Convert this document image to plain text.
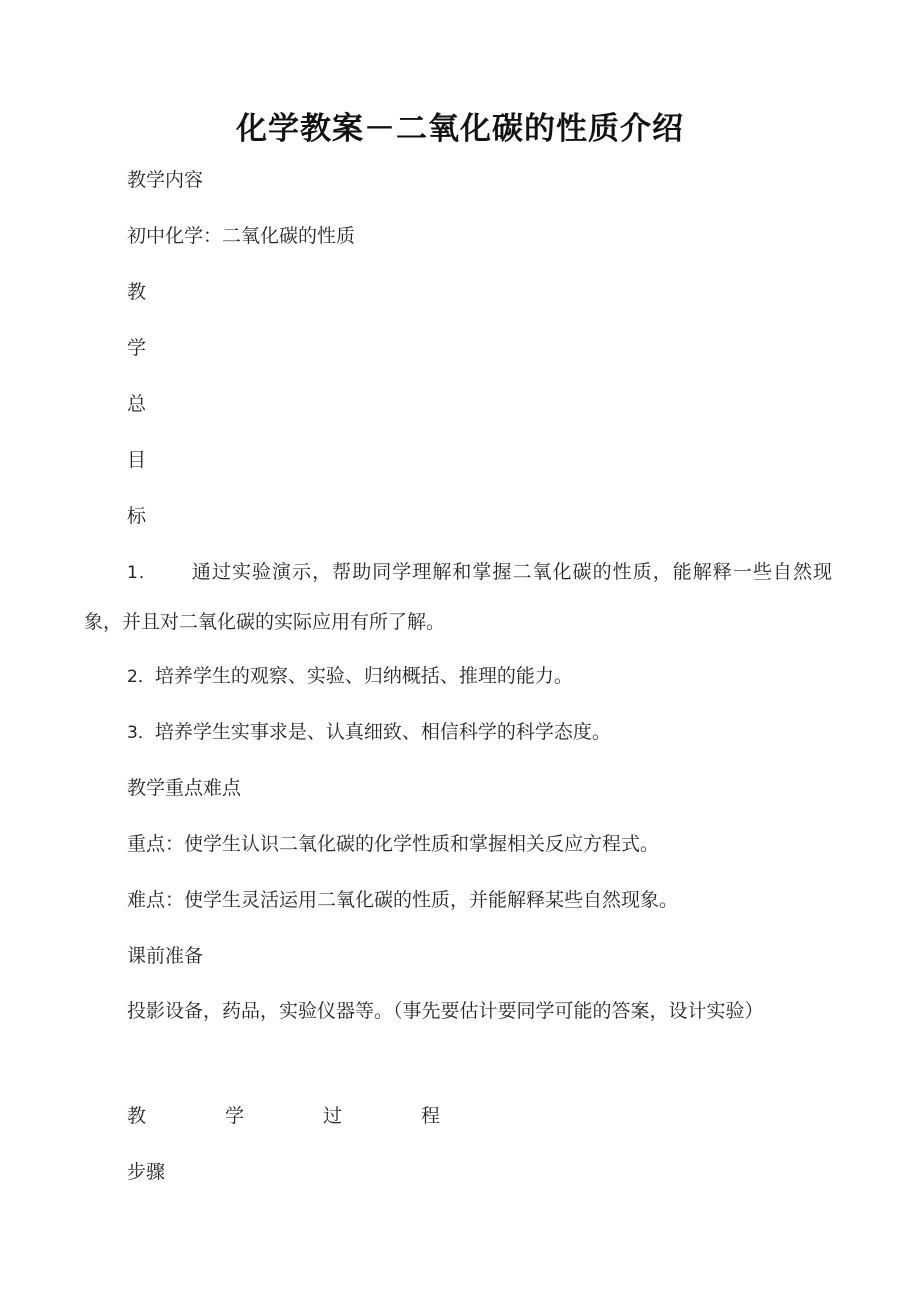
化学教案－二氧化碳的性质介绍
教学内容
初中化学：二氧化碳的性质
教
学
总
目
标
1． 通过实验演示，帮助同学理解和掌握二氧化碳的性质，能解释一些自然现象，并且对二氧化碳的实际应用有所了解。
2．培养学生的观察、实验、归纳概括、推理的能力。
3．培养学生实事求是、认真细致、相信科学的科学态度。
教学重点难点
重点：使学生认识二氧化碳的化学性质和掌握相关反应方程式。
难点：使学生灵活运用二氧化碳的性质，并能解释某些自然现象。
课前准备
投影设备，药品，实验仪器等。（事先要估计要同学可能的答案，设计实验）
教	学	过	程
步骤
